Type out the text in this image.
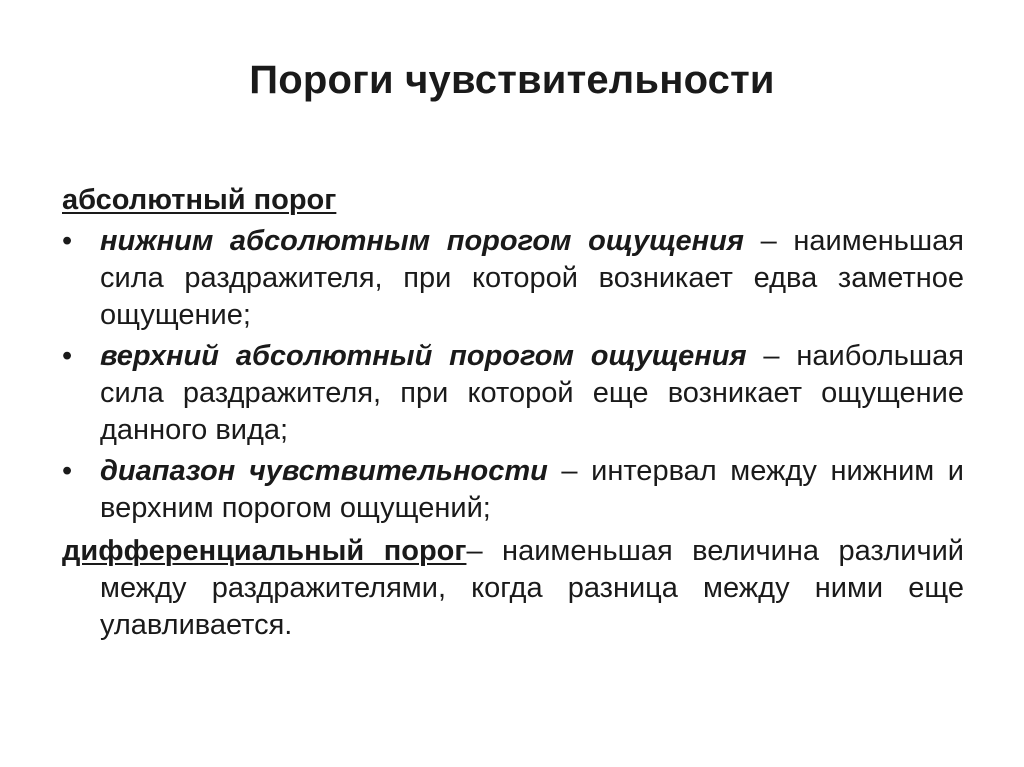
Пороги чувствительности

абсолютный порог

• нижним абсолютным порогом ощущения – наименьшая сила раздражителя, при которой возникает едва заметное ощущение;
• верхний абсолютный порогом ощущения – наибольшая сила раздражителя, при которой еще возникает ощущение данного вида;
• диапазон чувствительности – интервал между нижним и верхним порогом ощущений;

дифференциальный порог– наименьшая величина различий между раздражителями, когда разница между ними еще улавливается.
